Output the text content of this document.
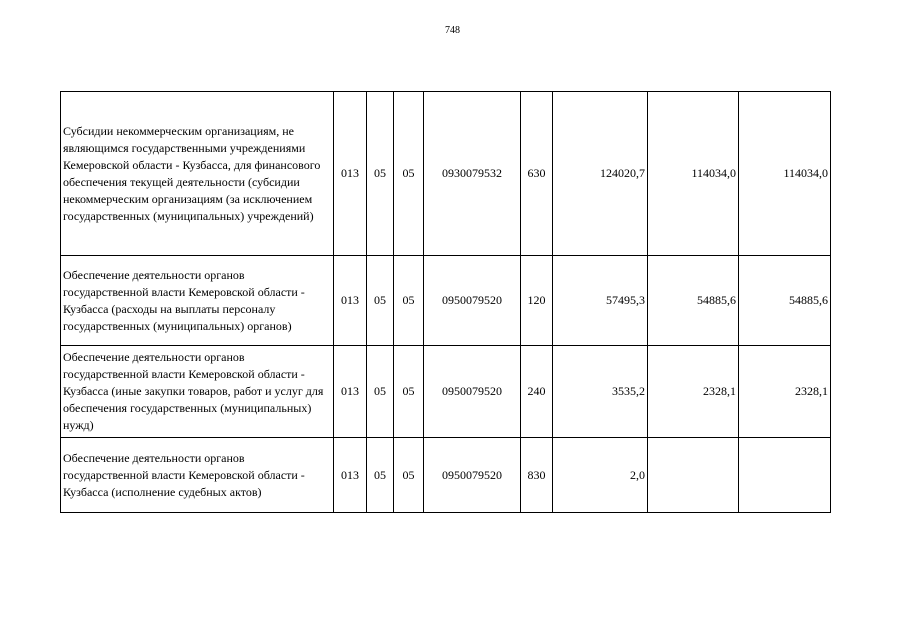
748
Субсидии некоммерческим организациям, не являющимся государственными учреждениями Кемеровской области - Кузбасса, для финансового обеспечения текущей деятельности (субсидии некоммерческим организациям (за исключением государственных (муниципальных) учреждений)	013	05	05	0930079532	630	124020,7	114034,0	114034,0
Обеспечение деятельности органов государственной власти Кемеровской области - Кузбасса (расходы на выплаты персоналу государственных (муниципальных) органов)	013	05	05	0950079520	120	57495,3	54885,6	54885,6
Обеспечение деятельности органов государственной власти Кемеровской области - Кузбасса (иные закупки товаров, работ и услуг для обеспечения государственных (муниципальных) нужд)	013	05	05	0950079520	240	3535,2	2328,1	2328,1
Обеспечение деятельности органов государственной власти Кемеровской области - Кузбасса (исполнение судебных актов)	013	05	05	0950079520	830	2,0		
